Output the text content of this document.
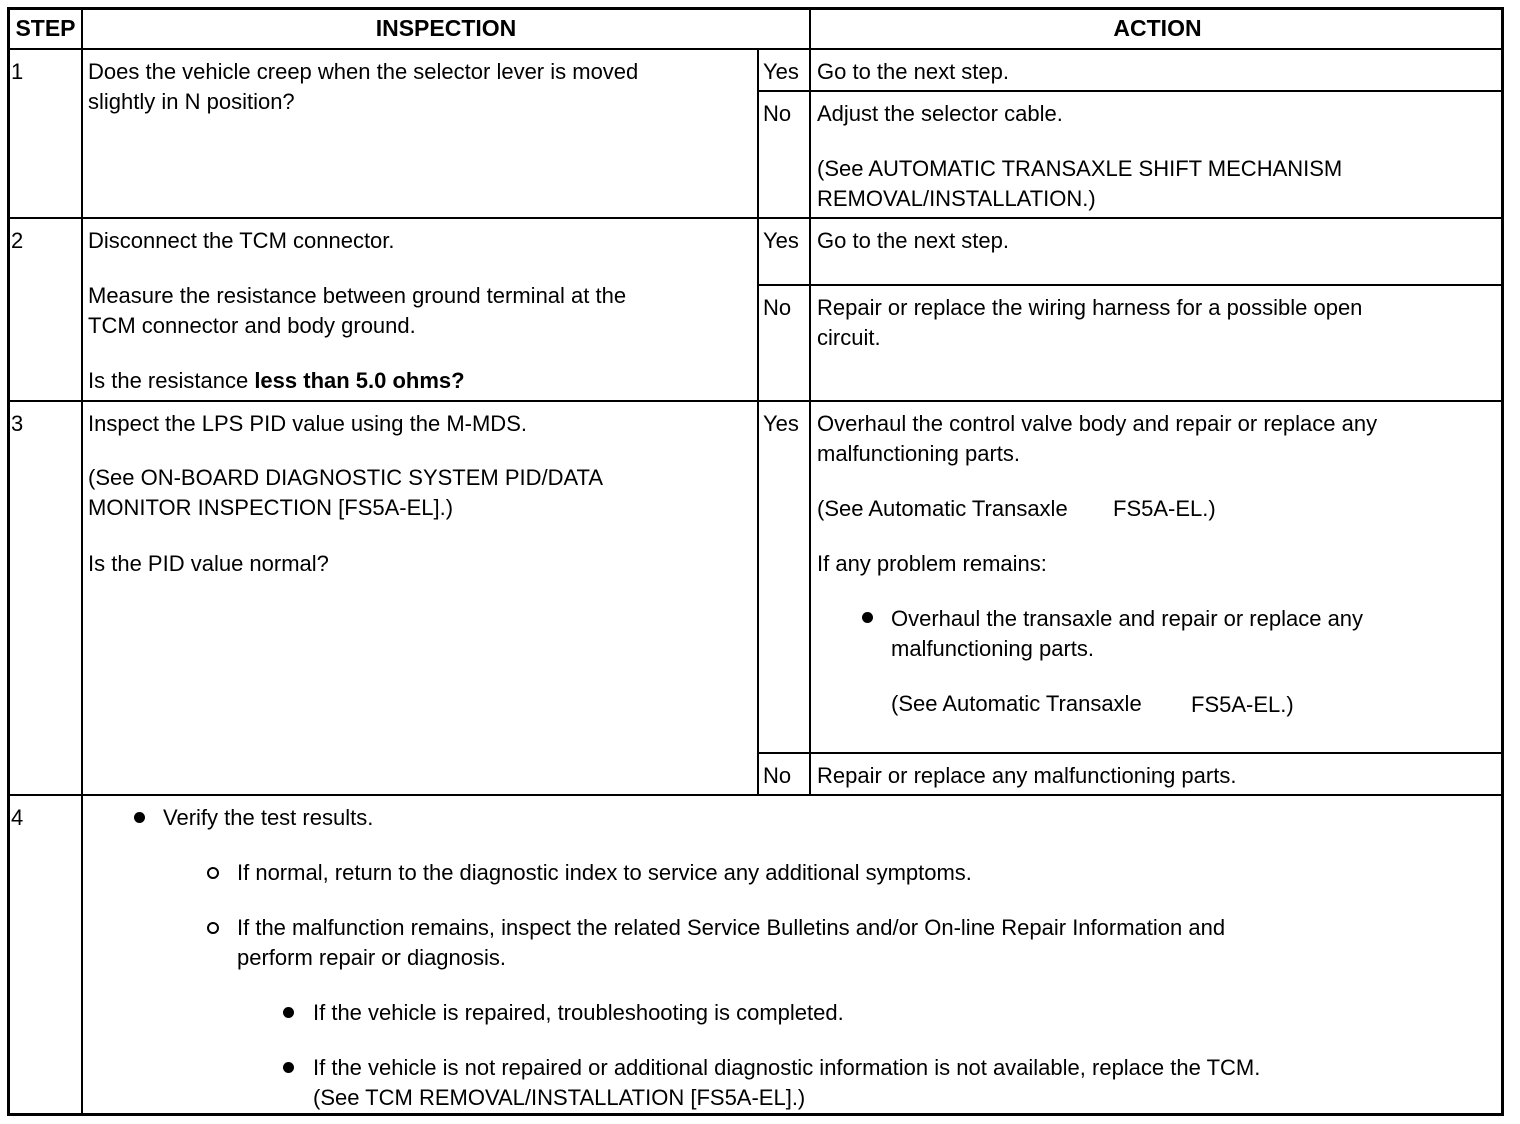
STEP	INSPECTION	ACTION
1	Does the vehicle creep when the selector lever is moved
slightly in N position?
Yes Go to the next step.
No Adjust the selector cable.
(See AUTOMATIC TRANSAXLE SHIFT MECHANISM
REMOVAL/INSTALLATION.)
2	Disconnect the TCM connector.
Measure the resistance between ground terminal at the
TCM connector and body ground.
Is the resistance less than 5.0 ohms?
Yes Go to the next step.
No Repair or replace the wiring harness for a possible open
circuit.
3	Inspect the LPS PID value using the M-MDS.
(See ON-BOARD DIAGNOSTIC SYSTEM PID/DATA
MONITOR INSPECTION [FS5A-EL].)
Is the PID value normal?
Yes Overhaul the control valve body and repair or replace any
malfunctioning parts.
(See Automatic Transaxle FS5A-EL.)
If any problem remains:
Overhaul the transaxle and repair or replace any
malfunctioning parts.
(See Automatic Transaxle FS5A-EL.)
No Repair or replace any malfunctioning parts.
4	Verify the test results.
If normal, return to the diagnostic index to service any additional symptoms.
If the malfunction remains, inspect the related Service Bulletins and/or On-line Repair Information and
perform repair or diagnosis.
If the vehicle is repaired, troubleshooting is completed.
If the vehicle is not repaired or additional diagnostic information is not available, replace the TCM.
(See TCM REMOVAL/INSTALLATION [FS5A-EL].)
